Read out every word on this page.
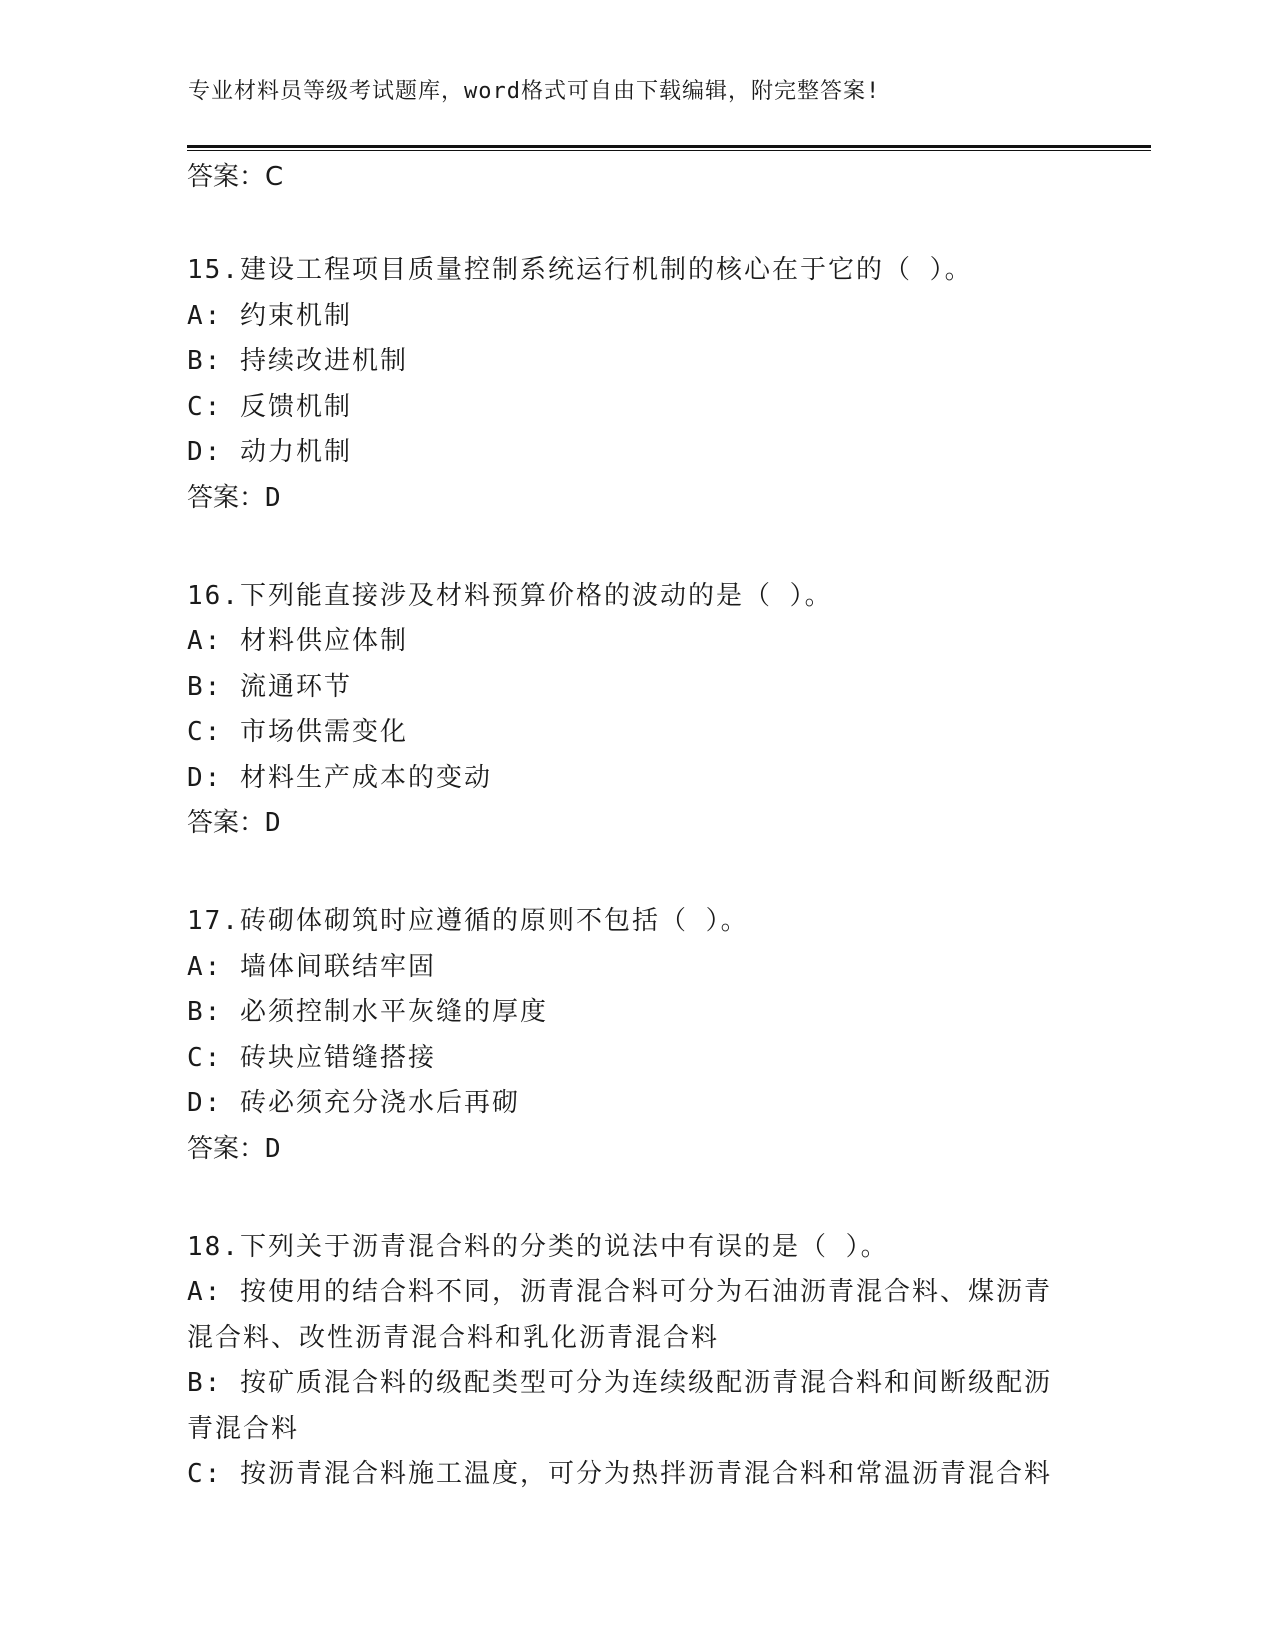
专业材料员等级考试题库，word格式可自由下载编辑，附完整答案!
答案：C
15.建设工程项目质量控制系统运行机制的核心在于它的（ ）。
A: 约束机制
B: 持续改进机制
C: 反馈机制
D: 动力机制
答案：D
16.下列能直接涉及材料预算价格的波动的是（ ）。
A: 材料供应体制
B: 流通环节
C: 市场供需变化
D: 材料生产成本的变动
答案：D
17.砖砌体砌筑时应遵循的原则不包括（ ）。
A: 墙体间联结牢固
B: 必须控制水平灰缝的厚度
C: 砖块应错缝搭接
D: 砖必须充分浇水后再砌
答案：D
18.下列关于沥青混合料的分类的说法中有误的是（ ）。
A: 按使用的结合料不同，沥青混合料可分为石油沥青混合料、煤沥青混合料、改性沥青混合料和乳化沥青混合料
B: 按矿质混合料的级配类型可分为连续级配沥青混合料和间断级配沥青混合料
C: 按沥青混合料施工温度，可分为热拌沥青混合料和常温沥青混合料
